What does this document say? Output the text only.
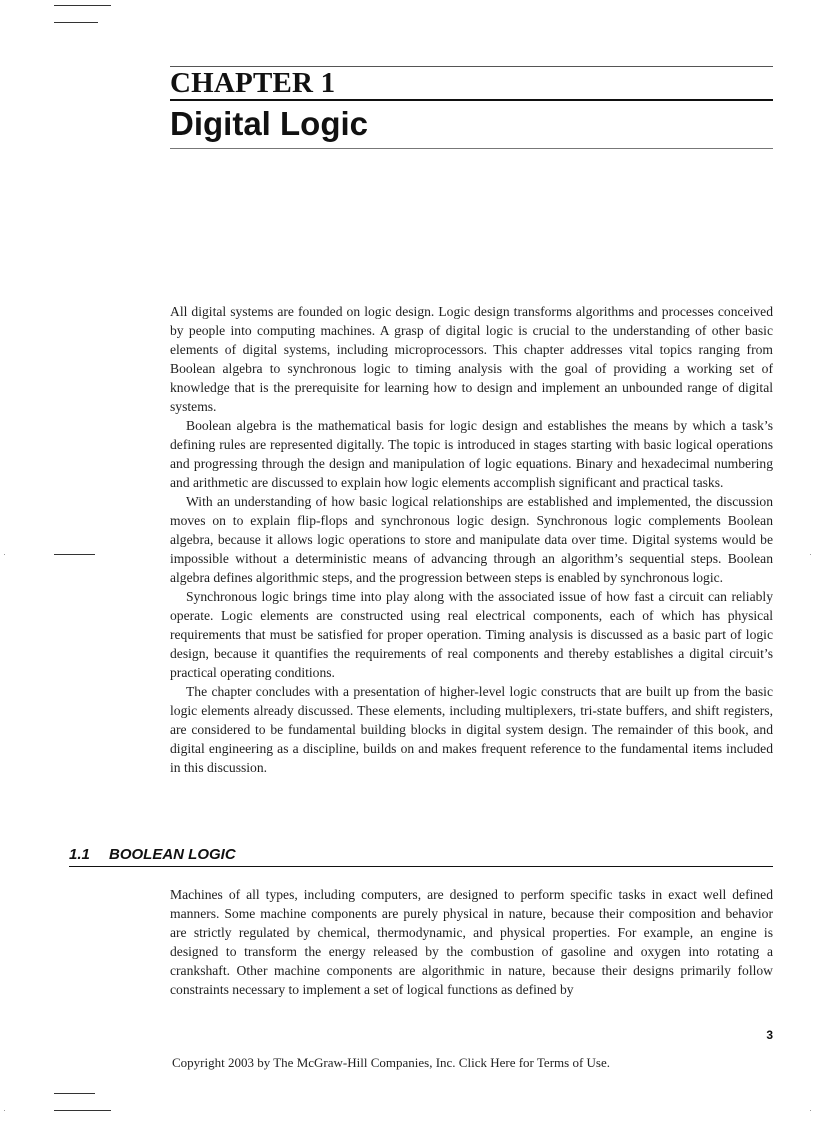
CHAPTER 1
Digital Logic

All digital systems are founded on logic design. Logic design transforms algorithms and processes conceived by people into computing machines. A grasp of digital logic is crucial to the understanding of other basic elements of digital systems, including microprocessors. This chapter addresses vital topics ranging from Boolean algebra to synchronous logic to timing analysis with the goal of providing a working set of knowledge that is the prerequisite for learning how to design and implement an unbounded range of digital systems.

Boolean algebra is the mathematical basis for logic design and establishes the means by which a task’s defining rules are represented digitally. The topic is introduced in stages starting with basic logical operations and progressing through the design and manipulation of logic equations. Binary and hexadecimal numbering and arithmetic are discussed to explain how logic elements accomplish significant and practical tasks.

With an understanding of how basic logical relationships are established and implemented, the discussion moves on to explain flip-flops and synchronous logic design. Synchronous logic complements Boolean algebra, because it allows logic operations to store and manipulate data over time. Digital systems would be impossible without a deterministic means of advancing through an algorithm’s sequential steps. Boolean algebra defines algorithmic steps, and the progression between steps is enabled by synchronous logic.

Synchronous logic brings time into play along with the associated issue of how fast a circuit can reliably operate. Logic elements are constructed using real electrical components, each of which has physical requirements that must be satisfied for proper operation. Timing analysis is discussed as a basic part of logic design, because it quantifies the requirements of real components and thereby establishes a digital circuit’s practical operating conditions.

The chapter concludes with a presentation of higher-level logic constructs that are built up from the basic logic elements already discussed. These elements, including multiplexers, tri-state buffers, and shift registers, are considered to be fundamental building blocks in digital system design. The remainder of this book, and digital engineering as a discipline, builds on and makes frequent reference to the fundamental items included in this discussion.

1.1 BOOLEAN LOGIC

Machines of all types, including computers, are designed to perform specific tasks in exact well defined manners. Some machine components are purely physical in nature, because their composition and behavior are strictly regulated by chemical, thermodynamic, and physical properties. For example, an engine is designed to transform the energy released by the combustion of gasoline and oxygen into rotating a crankshaft. Other machine components are algorithmic in nature, because their designs primarily follow constraints necessary to implement a set of logical functions as defined by

3
Copyright 2003 by The McGraw-Hill Companies, Inc. Click Here for Terms of Use.
